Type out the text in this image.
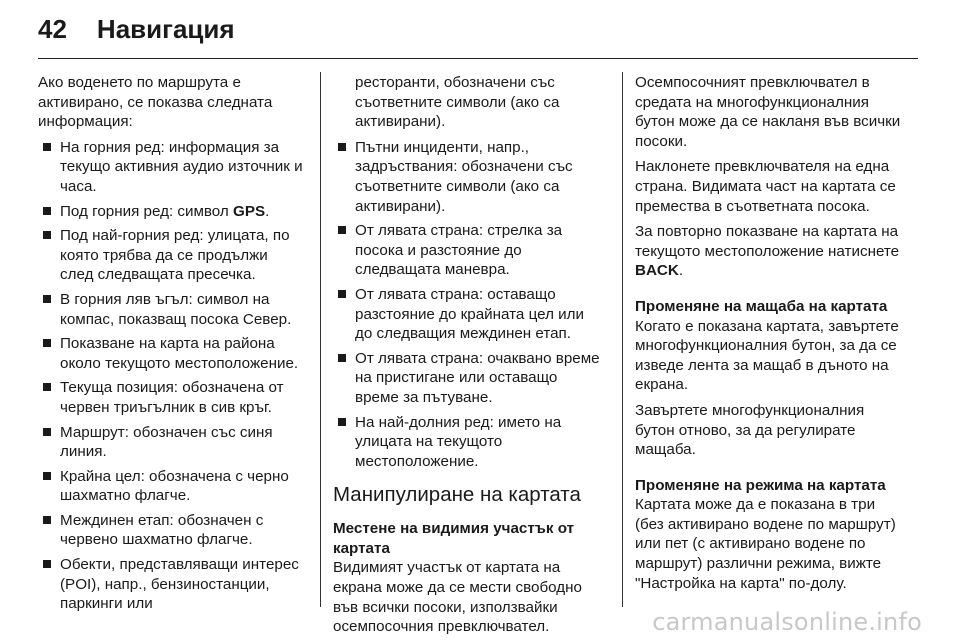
42 Навигация

Ако воденето по маршрута е активирано, се показва следната информация:

На горния ред: информация за текущо активния аудио източник и часа.
Под горния ред: символ GPS.
Под най-горния ред: улицата, по която трябва да се продължи след следващата пресечка.
В горния ляв ъгъл: символ на компас, показващ посока Север.
Показване на карта на района около текущото местоположение.
Текуща позиция: обозначена от червен триъгълник в сив кръг.
Маршрут: обозначен със синя линия.
Крайна цел: обозначена с черно шахматно флагче.
Междинен етап: обозначен с червено шахматно флагче.
Обекти, представляващи интерес (POI), напр., бензиностанции, паркинги или

ресторанти, обозначени със съответните символи (ако са активирани).

Пътни инциденти, напр., задръствания: обозначени със съответните символи (ако са активирани).
От лявата страна: стрелка за посока и разстояние до следващата маневра.
От лявата страна: оставащо разстояние до крайната цел или до следващия междинен етап.
От лявата страна: очаквано време на пристигане или оставащо време за пътуване.
На най-долния ред: името на улицата на текущото местоположение.
Манипулиране на картата

Местене на видимия участък от картата

Видимият участък от картата на екрана може да се мести свободно във всички посоки, използвайки осемпосочния превключвател.

Осемпосочният превключвател в средата на многофункционалния бутон може да се накланя във всички посоки.

Наклонете превключвателя на една страна. Видимата част на картата се премества в съответната посока.

За повторно показване на картата на текущото местоположение натиснете BACK.

Променяне на мащаба на картата

Когато е показана картата, завъртете многофункционалния бутон, за да се изведе лента за мащаб в дъното на екрана.

Завъртете многофункционалния бутон отново, за да регулирате мащаба.

Променяне на режима на картата

Картата може да е показана в три (без активирано водене по маршрут) или пет (с активирано водене по маршрут) различни режима, вижте "Настройка на карта" по-долу.

carmanualsonline.info
